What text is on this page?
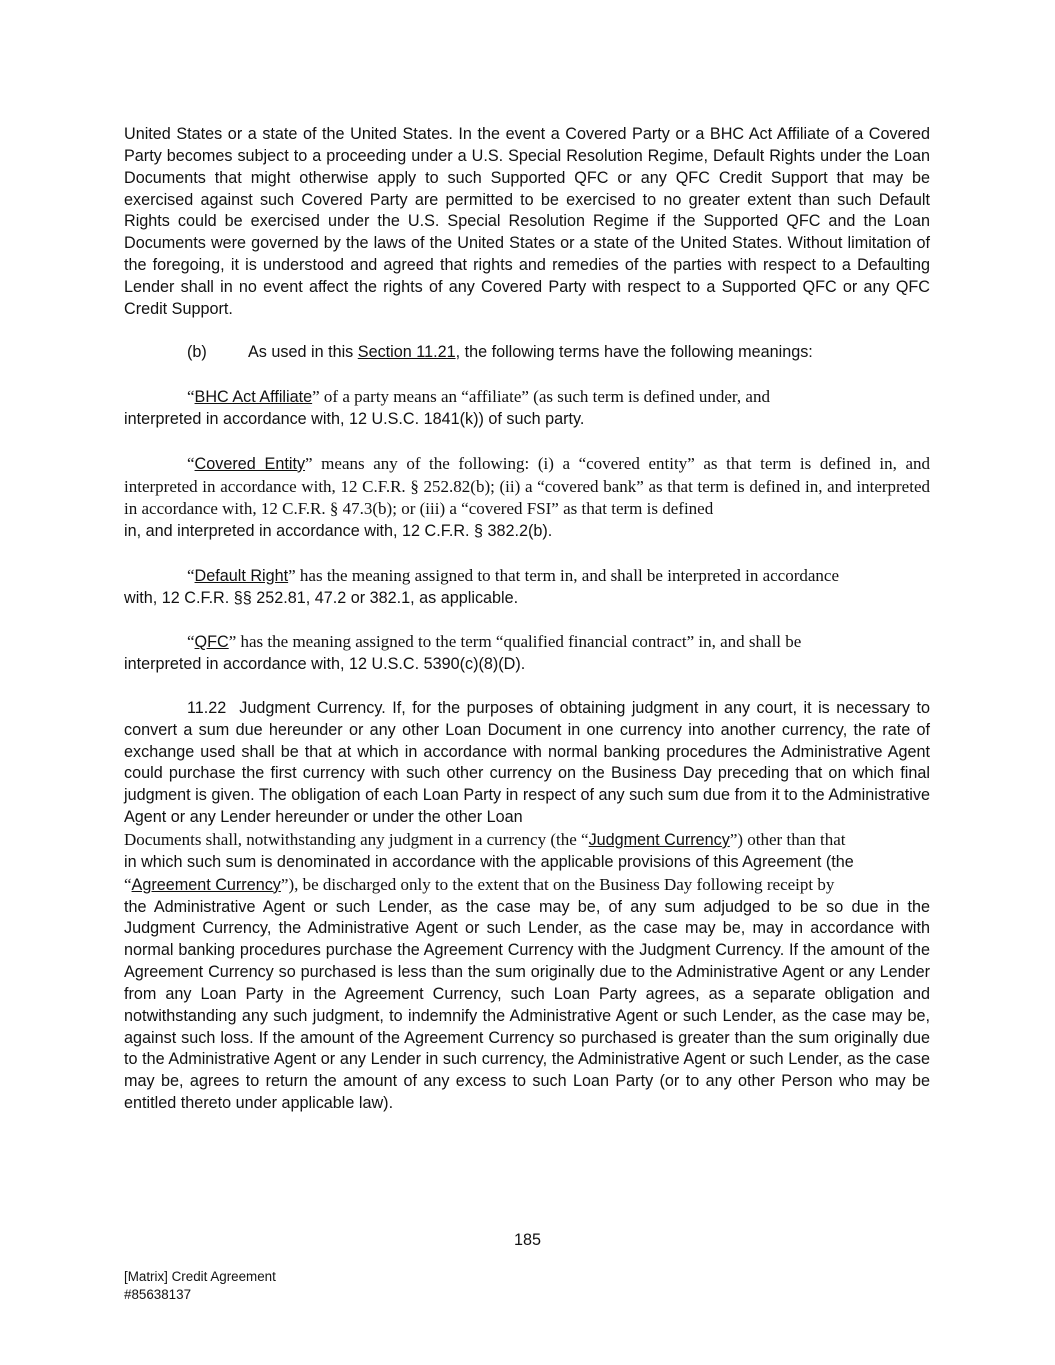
United States or a state of the United States. In the event a Covered Party or a BHC Act Affiliate of a Covered Party becomes subject to a proceeding under a U.S. Special Resolution Regime, Default Rights under the Loan Documents that might otherwise apply to such Supported QFC or any QFC Credit Support that may be exercised against such Covered Party are permitted to be exercised to no greater extent than such Default Rights could be exercised under the U.S. Special Resolution Regime if the Supported QFC and the Loan Documents were governed by the laws of the United States or a state of the United States. Without limitation of the foregoing, it is understood and agreed that rights and remedies of the parties with respect to a Defaulting Lender shall in no event affect the rights of any Covered Party with respect to a Supported QFC or any QFC Credit Support.

(b)	As used in this Section 11.21, the following terms have the following meanings:

“BHC Act Affiliate” of a party means an “affiliate” (as such term is defined under, and
interpreted in accordance with, 12 U.S.C. 1841(k)) of such party.

“Covered Entity” means any of the following: (i) a “covered entity” as that term is defined in, and interpreted in accordance with, 12 C.F.R. § 252.82(b); (ii) a “covered bank” as that term is defined in, and interpreted in accordance with, 12 C.F.R. § 47.3(b); or (iii) a “covered FSI” as that term is defined
in, and interpreted in accordance with, 12 C.F.R. § 382.2(b).

“Default Right” has the meaning assigned to that term in, and shall be interpreted in accordance
with, 12 C.F.R. §§ 252.81, 47.2 or 382.1, as applicable.

“QFC” has the meaning assigned to the term “qualified financial contract” in, and shall be
interpreted in accordance with, 12 U.S.C. 5390(c)(8)(D).

11.22 Judgment Currency. If, for the purposes of obtaining judgment in any court, it is necessary to convert a sum due hereunder or any other Loan Document in one currency into another currency, the rate of exchange used shall be that at which in accordance with normal banking procedures the Administrative Agent could purchase the first currency with such other currency on the Business Day preceding that on which final judgment is given. The obligation of each Loan Party in respect of any such sum due from it to the Administrative Agent or any Lender hereunder or under the other Loan
Documents shall, notwithstanding any judgment in a currency (the “Judgment Currency”) other than that
in which such sum is denominated in accordance with the applicable provisions of this Agreement (the
“Agreement Currency”), be discharged only to the extent that on the Business Day following receipt by
the Administrative Agent or such Lender, as the case may be, of any sum adjudged to be so due in the Judgment Currency, the Administrative Agent or such Lender, as the case may be, may in accordance with normal banking procedures purchase the Agreement Currency with the Judgment Currency. If the amount of the Agreement Currency so purchased is less than the sum originally due to the Administrative Agent or any Lender from any Loan Party in the Agreement Currency, such Loan Party agrees, as a separate obligation and notwithstanding any such judgment, to indemnify the Administrative Agent or such Lender, as the case may be, against such loss. If the amount of the Agreement Currency so purchased is greater than the sum originally due to the Administrative Agent or any Lender in such currency, the Administrative Agent or such Lender, as the case may be, agrees to return the amount of any excess to such Loan Party (or to any other Person who may be entitled thereto under applicable law).

185
[Matrix] Credit Agreement
#85638137
